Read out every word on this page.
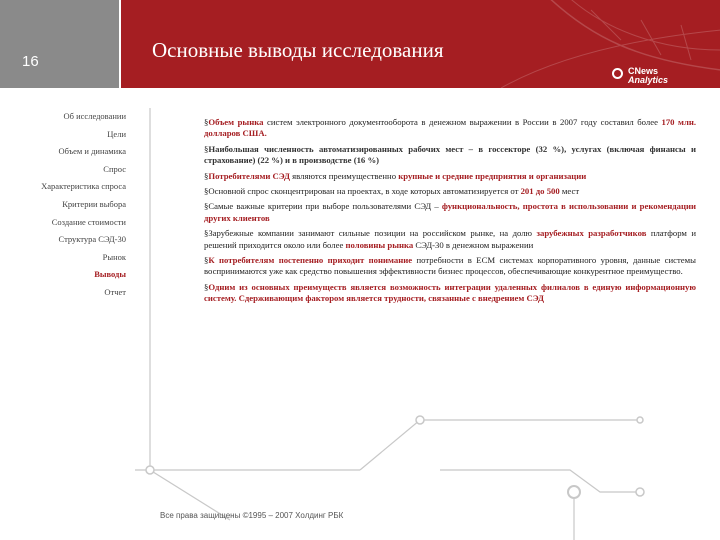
16	Основные выводы исследования
CNews
Analytics
Об исследовании
Цели
Объем и динамика
Спрос
Характеристика спроса
Критерии выбора
Создание стоимости
Структура СЭД-30
Рынок
Выводы
Отчет

§Объем рынка систем электронного документооборота в денежном выражении в России в 2007 году составил более 170 млн. долларов США.

§Наибольшая численность автоматизированных рабочих мест – в госсекторе (32 %), услугах (включая финансы и страхование) (22 %) и в производстве (16 %)

§Потребителями СЭД являются преимущественно крупные и средние предприятия и организации

§Основной спрос сконцентрирован на проектах, в ходе которых автоматизируется от 201 до 500 мест

§Самые важные критерии при выборе пользователями СЭД – функциональность, простота в использовании и рекомендации других клиентов

§Зарубежные компании занимают сильные позиции на российском рынке, на долю зарубежных разработчиков платформ и решений приходится около или более половины рынка СЭД-30 в денежном выражении

§К потребителям постепенно приходит понимание потребности в ECM системах корпоративного уровня, данные системы воспринимаются уже как средство повышения эффективности бизнес процессов, обеспечивающие конкурентное преимущество.

§Одним из основных преимуществ является возможность интеграции удаленных филиалов в единую информационную систему. Сдерживающим фактором является трудности, связанные с внедрением СЭД

Все права защищены ©1995 – 2007 Холдинг РБК
